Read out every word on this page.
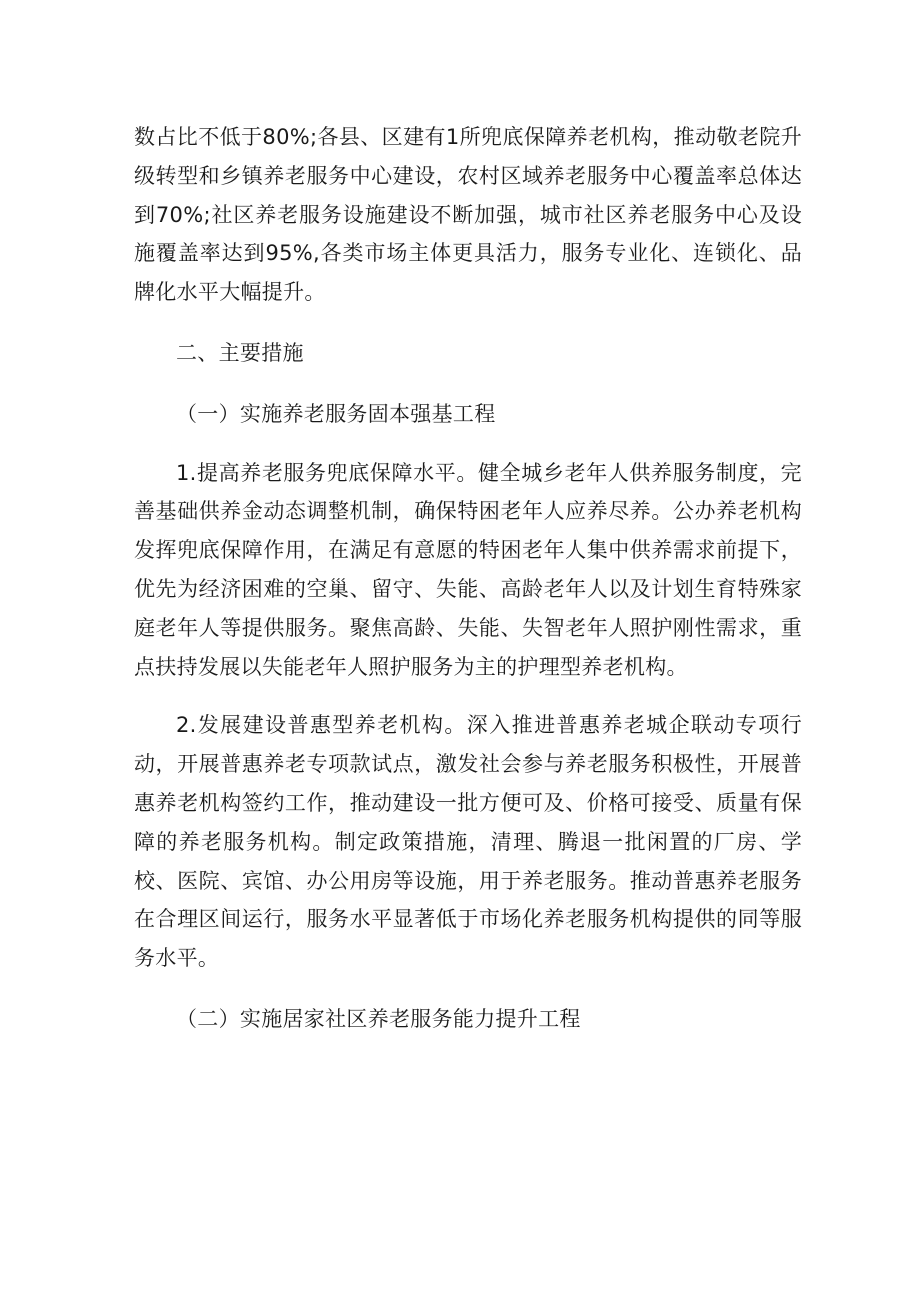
数占比不低于80%;各县、区建有1所兜底保障养老机构，推动敬老院升级转型和乡镇养老服务中心建设，农村区域养老服务中心覆盖率总体达到70%;社区养老服务设施建设不断加强，城市社区养老服务中心及设施覆盖率达到95%,各类市场主体更具活力，服务专业化、连锁化、品牌化水平大幅提升。

二、主要措施

（一）实施养老服务固本强基工程

1.提高养老服务兜底保障水平。健全城乡老年人供养服务制度，完善基础供养金动态调整机制，确保特困老年人应养尽养。公办养老机构发挥兜底保障作用，在满足有意愿的特困老年人集中供养需求前提下，优先为经济困难的空巢、留守、失能、高龄老年人以及计划生育特殊家庭老年人等提供服务。聚焦高龄、失能、失智老年人照护刚性需求，重点扶持发展以失能老年人照护服务为主的护理型养老机构。

2.发展建设普惠型养老机构。深入推进普惠养老城企联动专项行动，开展普惠养老专项款试点，激发社会参与养老服务积极性，开展普惠养老机构签约工作，推动建设一批方便可及、价格可接受、质量有保障的养老服务机构。制定政策措施，清理、腾退一批闲置的厂房、学校、医院、宾馆、办公用房等设施，用于养老服务。推动普惠养老服务在合理区间运行，服务水平显著低于市场化养老服务机构提供的同等服务水平。

（二）实施居家社区养老服务能力提升工程
